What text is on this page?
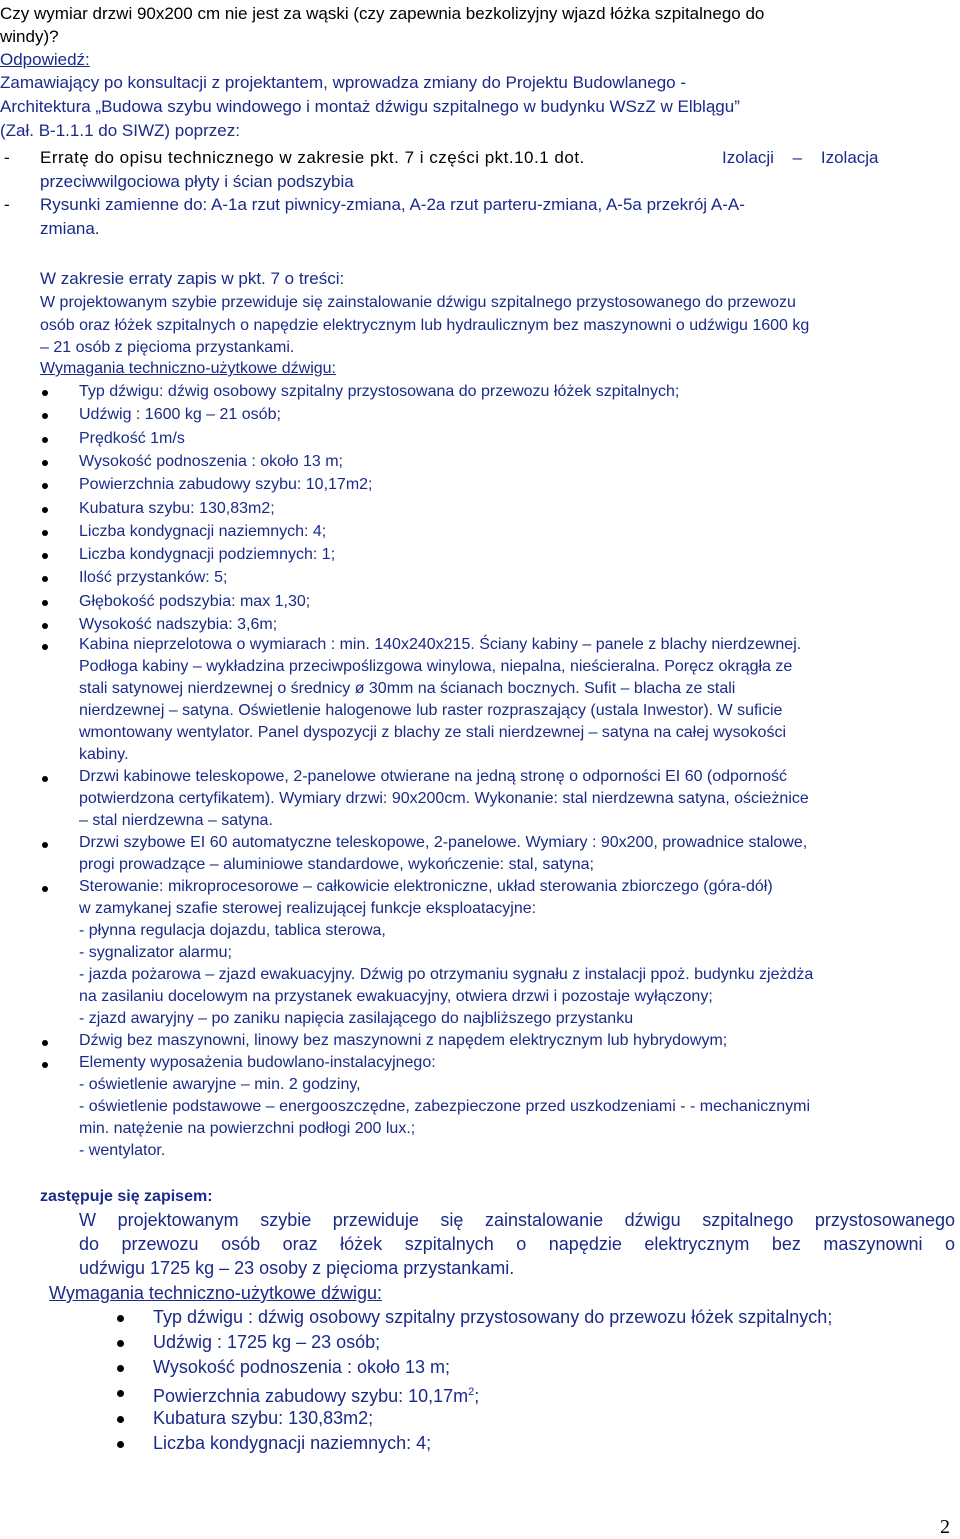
Czy wymiar drzwi 90x200 cm nie jest za wąski (czy zapewnia bezkolizyjny wjazd łóżka szpitalnego do
windy)?
Odpowiedź:
Zamawiający po konsultacji z projektantem, wprowadza zmiany do Projektu Budowlanego -
Architektura „Budowa szybu windowego i montaż dźwigu szpitalnego w budynku WSzZ w Elblągu”
(Zał. B-1.1.1 do SIWZ) poprzez:
- Erratę do opisu technicznego w zakresie pkt. 7 i części pkt.10.1 dot.	Izolacji – Izolacja
przeciwwilgociowa płyty i ścian podszybia
- Rysunki zamienne do: A-1a rzut piwnicy-zmiana, A-2a rzut parteru-zmiana, A-5a przekrój A-A-
zmiana.
W zakresie erraty zapis w pkt. 7 o treści:
W projektowanym szybie przewiduje się zainstalowanie dźwigu szpitalnego przystosowanego do przewozu
osób oraz łóżek szpitalnych o napędzie elektrycznym lub hydraulicznym bez maszynowni o udźwigu 1600 kg
– 21 osób z pięcioma przystankami.
Wymagania techniczno-użytkowe dźwigu:
Typ dźwigu: dźwig osobowy szpitalny przystosowana do przewozu łóżek szpitalnych;
Udźwig : 1600 kg – 21 osób;
Prędkość 1m/s
Wysokość podnoszenia : około 13 m;
Powierzchnia zabudowy szybu: 10,17m2;
Kubatura szybu: 130,83m2;
Liczba kondygnacji naziemnych: 4;
Liczba kondygnacji podziemnych: 1;
Ilość przystanków: 5;
Głębokość podszybia: max 1,30;
Wysokość nadszybia: 3,6m;
Kabina nieprzelotowa o wymiarach : min. 140x240x215. Ściany kabiny – panele z blachy nierdzewnej.
Podłoga kabiny – wykładzina przeciwpoślizgowa winylowa, niepalna, nieścieralna. Poręcz okrągła ze
stali satynowej nierdzewnej o średnicy ø 30mm na ścianach bocznych. Sufit – blacha ze stali
nierdzewnej – satyna. Oświetlenie halogenowe lub raster rozpraszający (ustala Inwestor). W suficie
wmontowany wentylator. Panel dyspozycji z blachy ze stali nierdzewnej – satyna na całej wysokości
kabiny.
Drzwi kabinowe teleskopowe, 2-panelowe otwierane na jedną stronę o odporności EI 60 (odporność
potwierdzona certyfikatem). Wymiary drzwi: 90x200cm. Wykonanie: stal nierdzewna satyna, ościeżnice
– stal nierdzewna – satyna.
Drzwi szybowe EI 60 automatyczne teleskopowe, 2-panelowe. Wymiary : 90x200, prowadnice stalowe,
progi prowadzące – aluminiowe standardowe, wykończenie: stal, satyna;
Sterowanie: mikroprocesorowe – całkowicie elektroniczne, układ sterowania zbiorczego (góra-dół)
w zamykanej szafie sterowej realizującej funkcje eksploatacyjne:
- płynna regulacja dojazdu, tablica sterowa,
- sygnalizator alarmu;
- jazda pożarowa – zjazd ewakuacyjny. Dźwig po otrzymaniu sygnału z instalacji ppoż. budynku zjeżdża
na zasilaniu docelowym na przystanek ewakuacyjny, otwiera drzwi i pozostaje wyłączony;
- zjazd awaryjny – po zaniku napięcia zasilającego do najbliższego przystanku
Dźwig bez maszynowni, linowy bez maszynowni z napędem elektrycznym lub hybrydowym;
Elementy wyposażenia budowlano-instalacyjnego:
- oświetlenie awaryjne – min. 2 godziny,
- oświetlenie podstawowe – energooszczędne, zabezpieczone przed uszkodzeniami - - mechanicznymi
min. natężenie na powierzchni podłogi 200 lux.;
- wentylator.
zastępuje się zapisem:
W projektowanym szybie przewiduje się zainstalowanie dźwigu szpitalnego przystosowanego
do przewozu osób oraz łóżek szpitalnych o napędzie elektrycznym bez maszynowni o
udźwigu 1725 kg – 23 osoby z pięcioma przystankami.
Wymagania techniczno-użytkowe dźwigu:
Typ dźwigu : dźwig osobowy szpitalny przystosowany do przewozu łóżek szpitalnych;
Udźwig : 1725 kg – 23 osób;
Wysokość podnoszenia : około 13 m;
Powierzchnia zabudowy szybu: $10,17m^2$;
Kubatura szybu: 130,83m2;
Liczba kondygnacji naziemnych: 4;
2
